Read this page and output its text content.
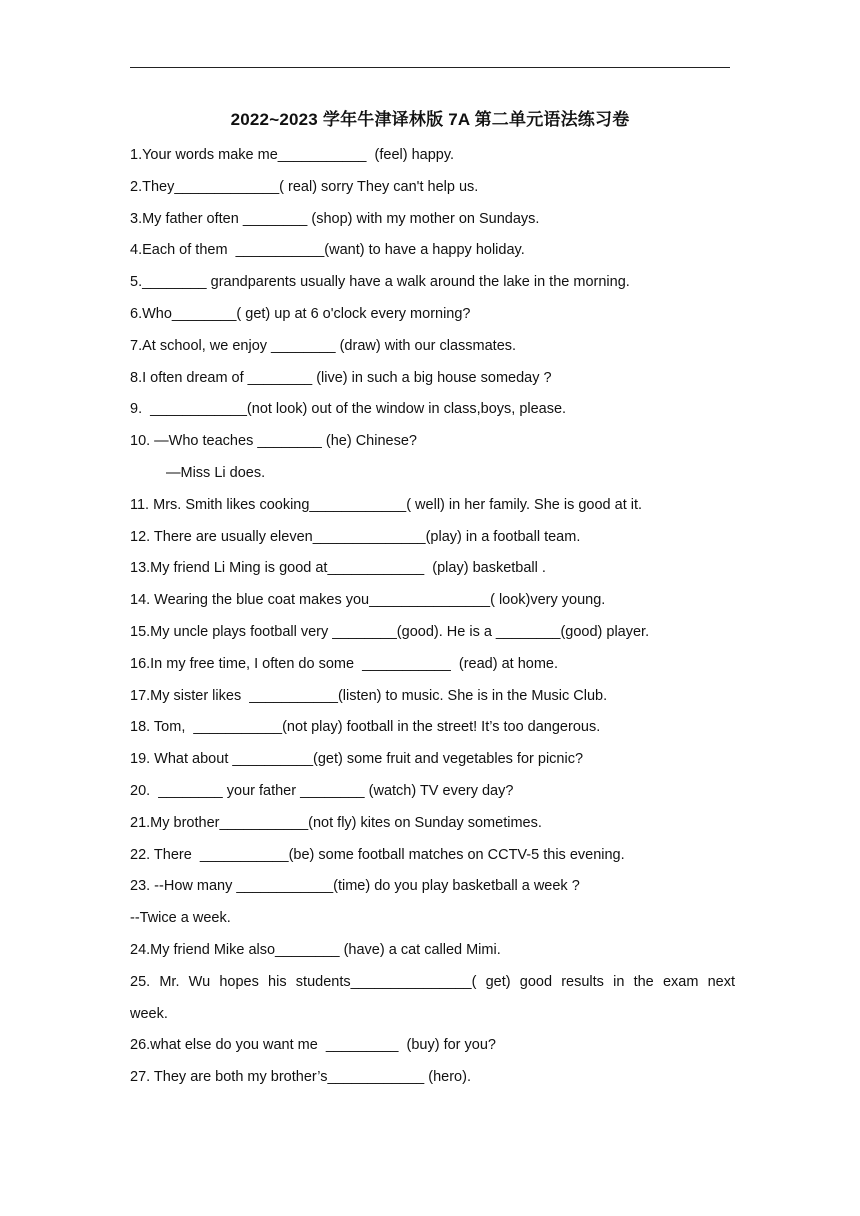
2022~2023 学年牛津译林版 7A 第二单元语法练习卷
1.Your words make me___________  (feel) happy.
2.They_____________( real) sorry They can't help us.
3.My father often ________ (shop) with my mother on Sundays.
4.Each of them  ___________(want) to have a happy holiday.
5.________ grandparents usually have a walk around the lake in the morning.
6.Who________( get) up at 6 o'clock every morning?
7.At school, we enjoy ________ (draw) with our classmates.
8.I often dream of ________ (live) in such a big house someday ?
9.  ____________(not look) out of the window in class,boys, please.
10. —Who teaches ________ (he) Chinese?
—Miss Li does.
11. Mrs. Smith likes cooking____________( well) in her family. She is good at it.
12. There are usually eleven______________(play) in a football team.
13.My friend Li Ming is good at____________  (play) basketball .
14. Wearing the blue coat makes you_______________( look)very young.
15.My uncle plays football very ________(good). He is a ________(good) player.
16.In my free time, I often do some  ___________  (read) at home.
17.My sister likes  ___________(listen) to music. She is in the Music Club.
18. Tom,  ___________(not play) football in the street! It’s too dangerous.
19. What about __________(get) some fruit and vegetables for picnic?
20.  ________ your father ________ (watch) TV every day?
21.My brother___________(not fly) kites on Sunday sometimes.
22. There  ___________(be) some football matches on CCTV-5 this evening.
23. --How many ____________(time) do you play basketball a week ?
--Twice a week.
24.My friend Mike also________ (have) a cat called Mimi.
25. Mr. Wu hopes his students_______________( get) good results in the exam next
week.
26.what else do you want me  _________  (buy) for you?
27. They are both my brother’s____________ (hero).
